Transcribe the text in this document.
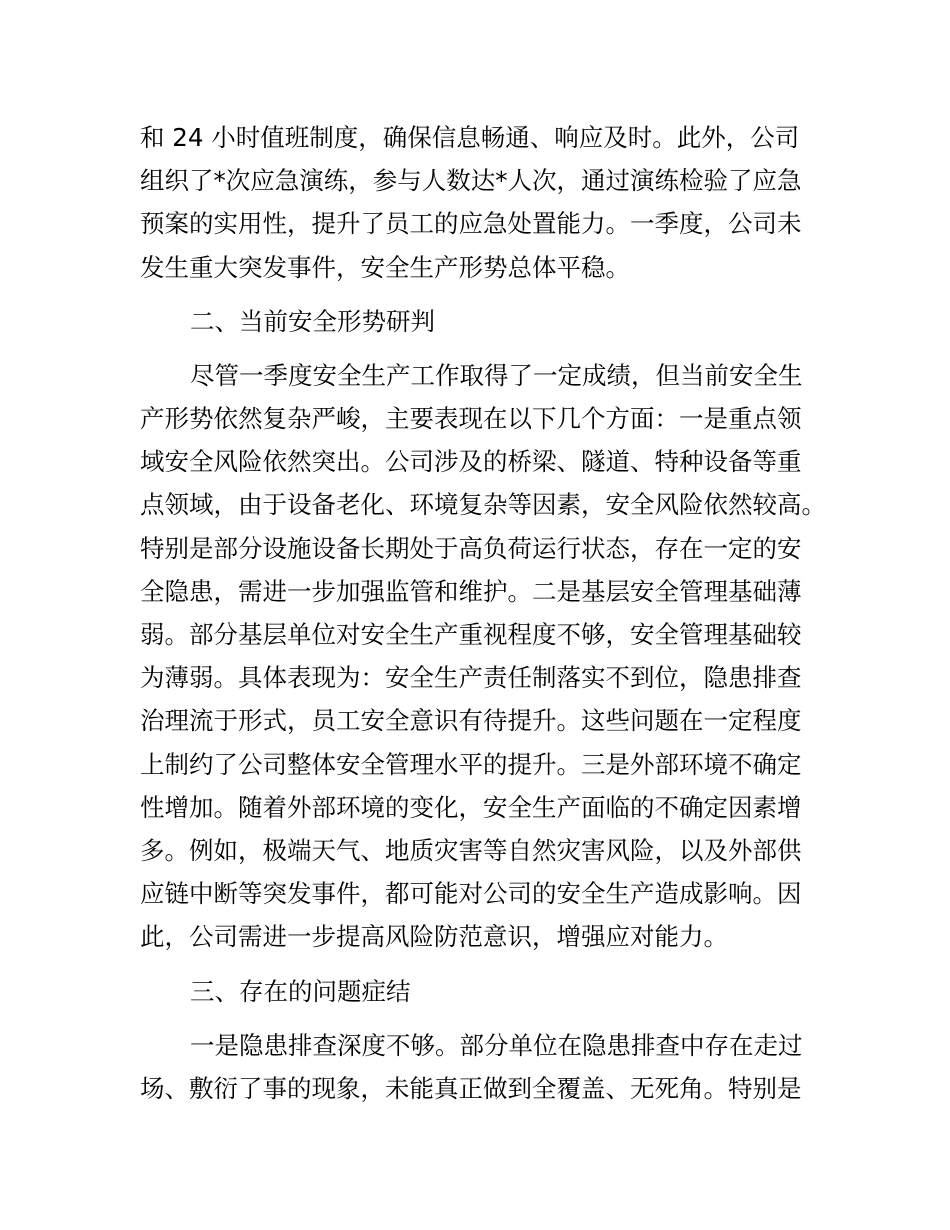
和 24 小时值班制度，确保信息畅通、响应及时。此外，公司
组织了*次应急演练，参与人数达*人次，通过演练检验了应急
预案的实用性，提升了员工的应急处置能力。一季度，公司未
发生重大突发事件，安全生产形势总体平稳。
二、当前安全形势研判
尽管一季度安全生产工作取得了一定成绩，但当前安全生
产形势依然复杂严峻，主要表现在以下几个方面：一是重点领
域安全风险依然突出。公司涉及的桥梁、隧道、特种设备等重
点领域，由于设备老化、环境复杂等因素，安全风险依然较高。
特别是部分设施设备长期处于高负荷运行状态，存在一定的安
全隐患，需进一步加强监管和维护。二是基层安全管理基础薄
弱。部分基层单位对安全生产重视程度不够，安全管理基础较
为薄弱。具体表现为：安全生产责任制落实不到位，隐患排查
治理流于形式，员工安全意识有待提升。这些问题在一定程度
上制约了公司整体安全管理水平的提升。三是外部环境不确定
性增加。随着外部环境的变化，安全生产面临的不确定因素增
多。例如，极端天气、地质灾害等自然灾害风险，以及外部供
应链中断等突发事件，都可能对公司的安全生产造成影响。因
此，公司需进一步提高风险防范意识，增强应对能力。
三、存在的问题症结
一是隐患排查深度不够。部分单位在隐患排查中存在走过
场、敷衍了事的现象，未能真正做到全覆盖、无死角。特别是
